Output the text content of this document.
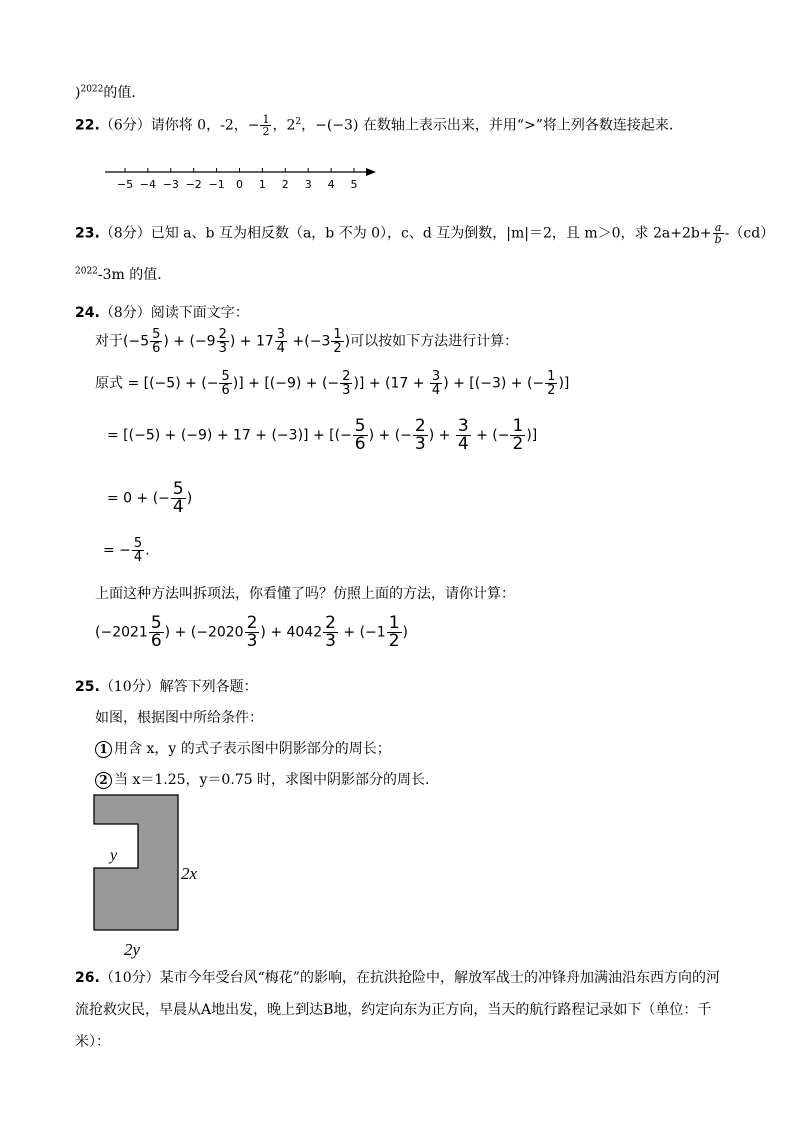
)$^{2022}$的值.
22.（6分）请你将 0，-2，− $\frac{1}{2}$ ，$2^2$，−(−3) 在数轴上表示出来，并用“>”将上列各数连接起来.
−5 −4 −3 −2 −1 0 1 2 3 4 5
23.（8分）已知 a、b 互为相反数（a，b 不为 0），c、d 互为倒数，|m|＝2，且 m＞0，求 $2a+2b+ \frac{a}{b} -(cd)$
$^{2022}$-3m 的值.
24.（8分）阅读下面文字：
对于($-5 \frac{5}{6}$ ) + ($-9 \frac{2}{3}$ ) + $17 \frac{3}{4} +(-3 \frac{1}{2}$ )可以按如下方法进行计算：
原式 = [(−5) + (− $\frac{5}{6}$ )] + [(−9) + (− $\frac{2}{3}$ )] + ($17 + \frac{3}{4}$ ) + [(−3) + (− $\frac{1}{2}$ )]
= [(−5) + (−9) + 17 + (−3)] + [(− $\frac{5}{6}$ ) + (− $\frac{2}{3}$ ) + $\frac{3}{4}$ + (− $\frac{1}{2}$ )]
= 0 + (− $\frac{5}{4}$ )
= − $\frac{5}{4}$ .
上面这种方法叫拆项法，你看懂了吗？仿照上面的方法，请你计算：
($-2021 \frac{5}{6}$ ) + ($-2020 \frac{2}{3}$ ) + $4042 \frac{2}{3} + (-1 \frac{1}{2}$ )
25.（10分）解答下列各题：
如图，根据图中所给条件：
1 用含 x，y 的式子表示图中阴影部分的周长；
2 当 x＝1.25，y＝0.75 时，求图中阴影部分的周长．
y
2x
2y
26.（10分）某市今年受台风“梅花”的影响，在抗洪抢险中，解放军战士的冲锋舟加满油沿东西方向的河
流抢救灾民，早晨从A地出发，晚上到达B地，约定向东为正方向，当天的航行路程记录如下（单位：千
米）：
